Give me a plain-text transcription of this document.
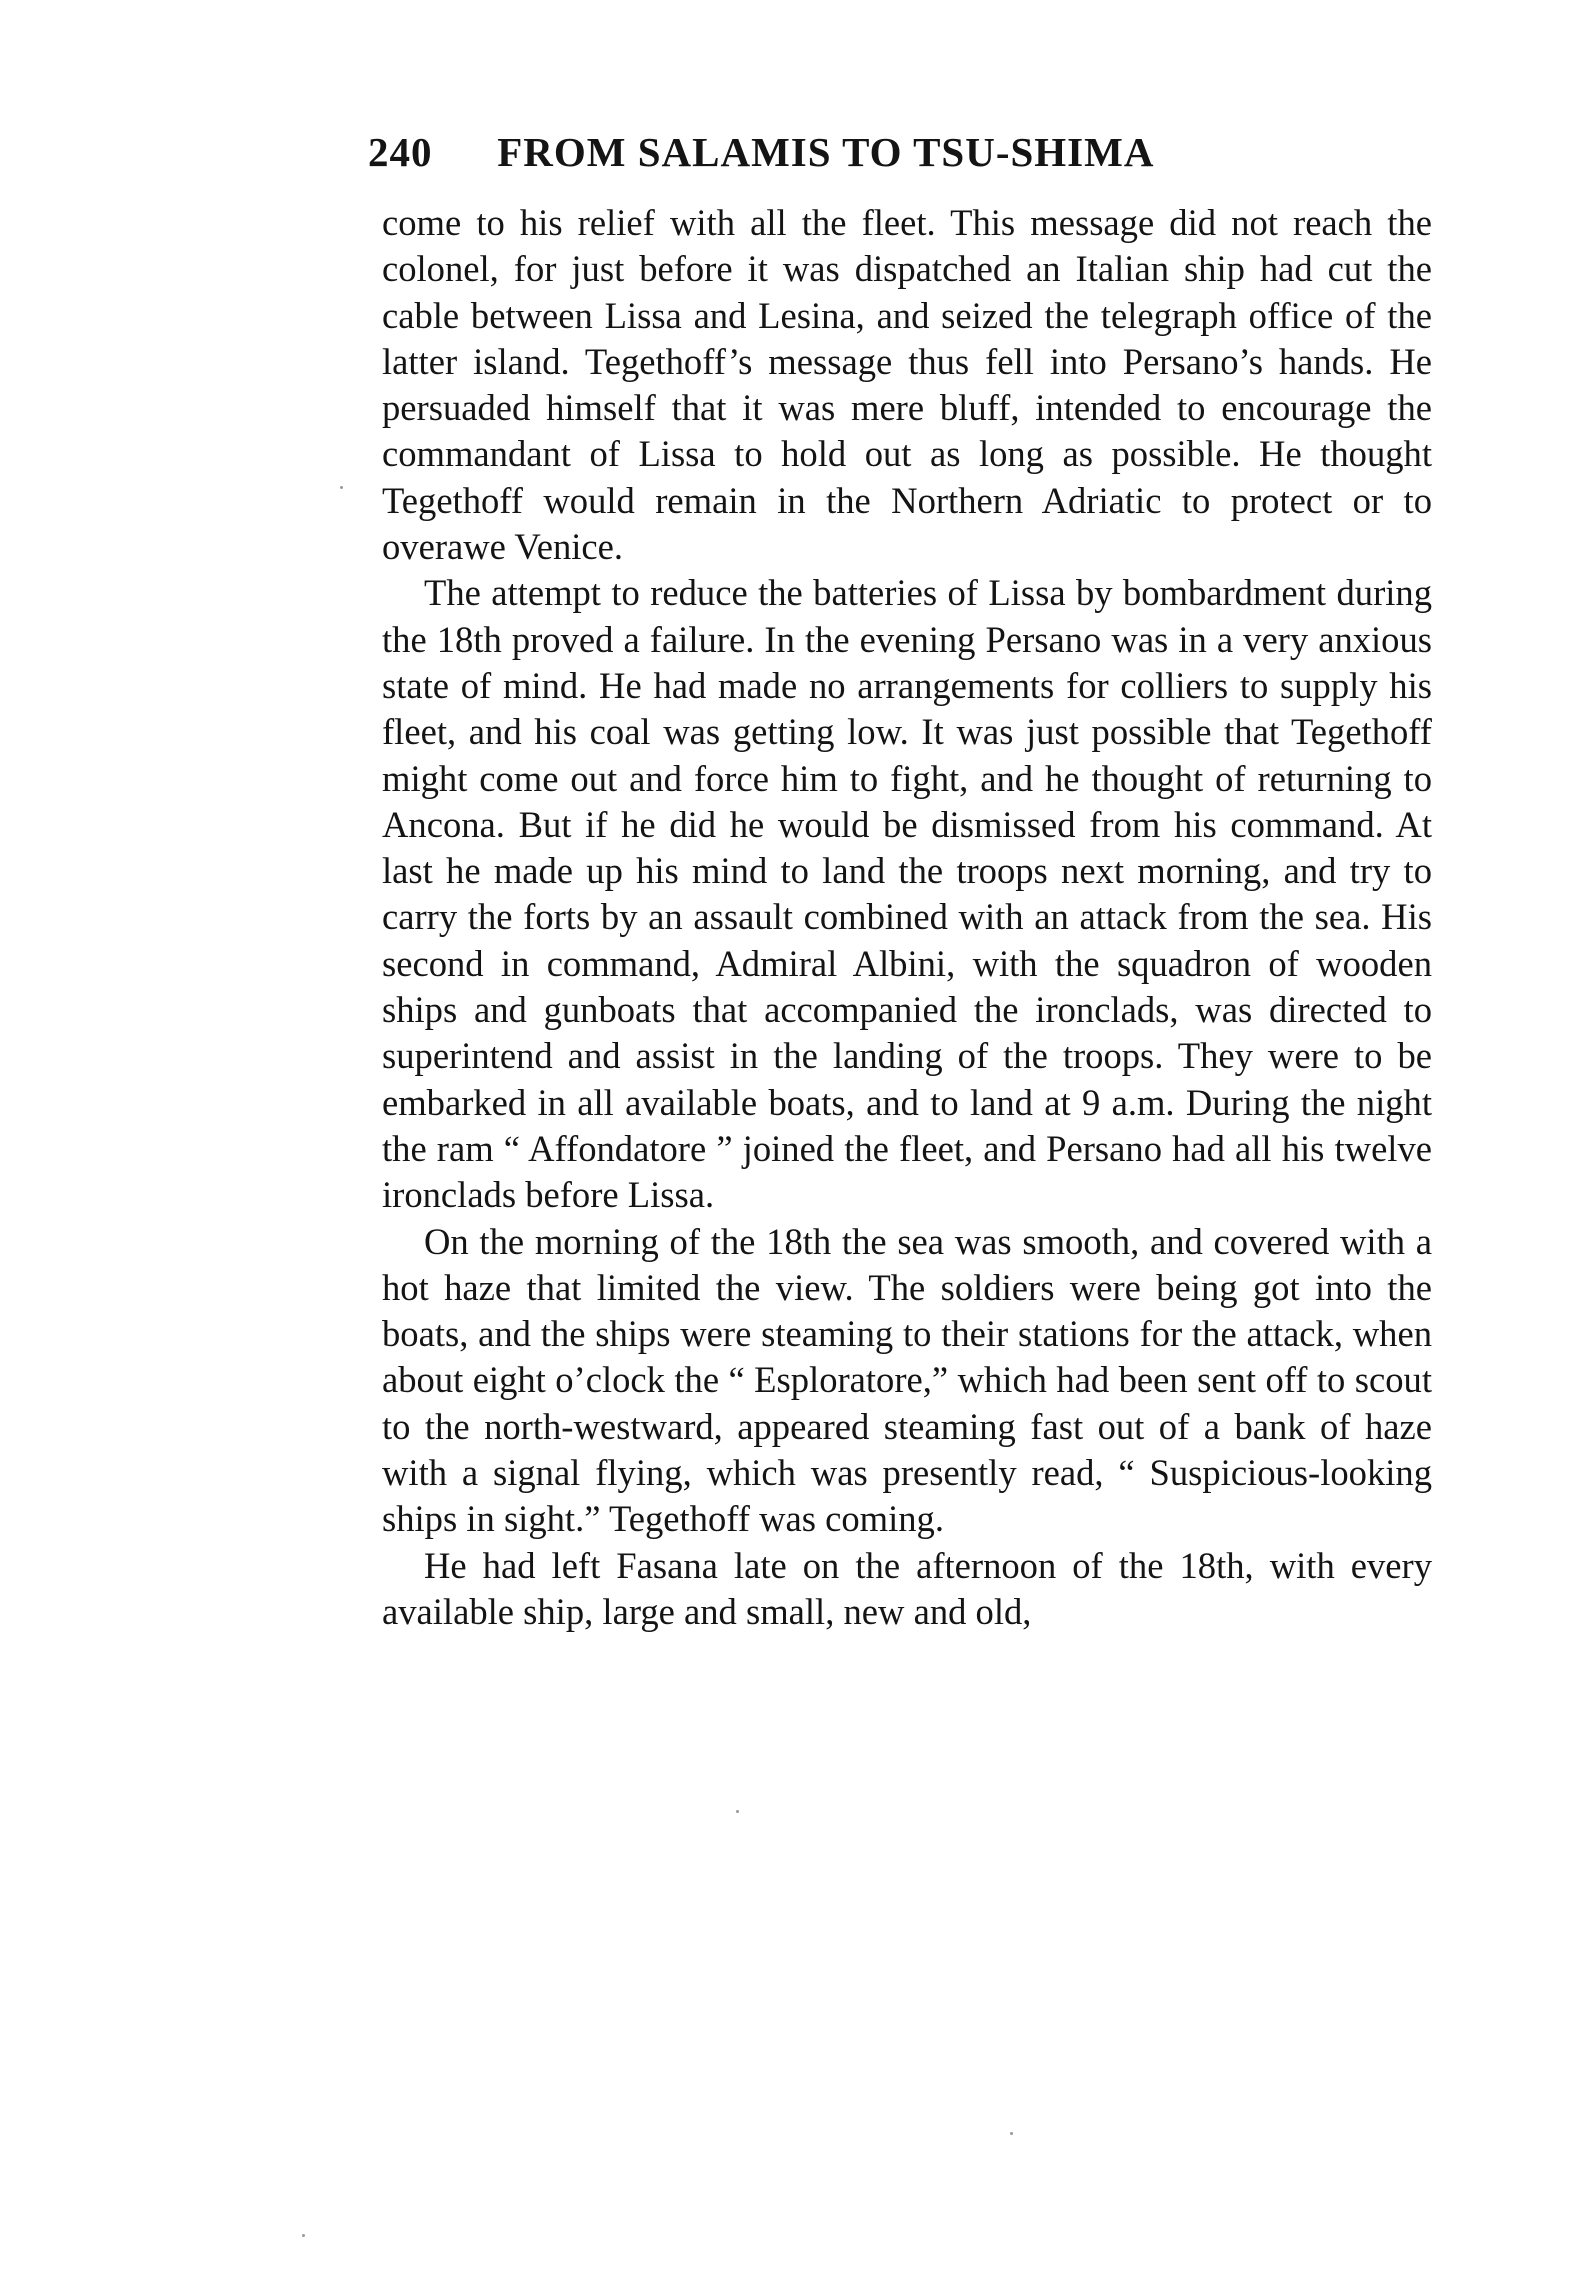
240 FROM SALAMIS TO TSU-SHIMA

come to his relief with all the fleet. This message did not reach the colonel, for just before it was dispatched an Italian ship had cut the cable between Lissa and Lesina, and seized the telegraph office of the latter island. Tegethoff’s message thus fell into Persano’s hands. He persuaded himself that it was mere bluff, intended to encourage the commandant of Lissa to hold out as long as possible. He thought Tegethoff would remain in the Northern Adriatic to protect or to overawe Venice.

The attempt to reduce the batteries of Lissa by bombardment during the 18th proved a failure. In the evening Persano was in a very anxious state of mind. He had made no arrangements for colliers to supply his fleet, and his coal was getting low. It was just possible that Tegethoff might come out and force him to fight, and he thought of returning to Ancona. But if he did he would be dismissed from his command. At last he made up his mind to land the troops next morning, and try to carry the forts by an assault combined with an attack from the sea. His second in command, Admiral Albini, with the squadron of wooden ships and gunboats that accompanied the ironclads, was directed to superintend and assist in the landing of the troops. They were to be embarked in all available boats, and to land at 9 a.m. During the night the ram “ Affondatore ” joined the fleet, and Persano had all his twelve ironclads before Lissa.

On the morning of the 18th the sea was smooth, and covered with a hot haze that limited the view. The soldiers were being got into the boats, and the ships were steaming to their stations for the attack, when about eight o’clock the “ Esploratore,” which had been sent off to scout to the north-westward, appeared steaming fast out of a bank of haze with a signal flying, which was presently read, “ Suspicious-looking ships in sight.” Tegethoff was coming.

He had left Fasana late on the afternoon of the 18th, with every available ship, large and small, new and old,
